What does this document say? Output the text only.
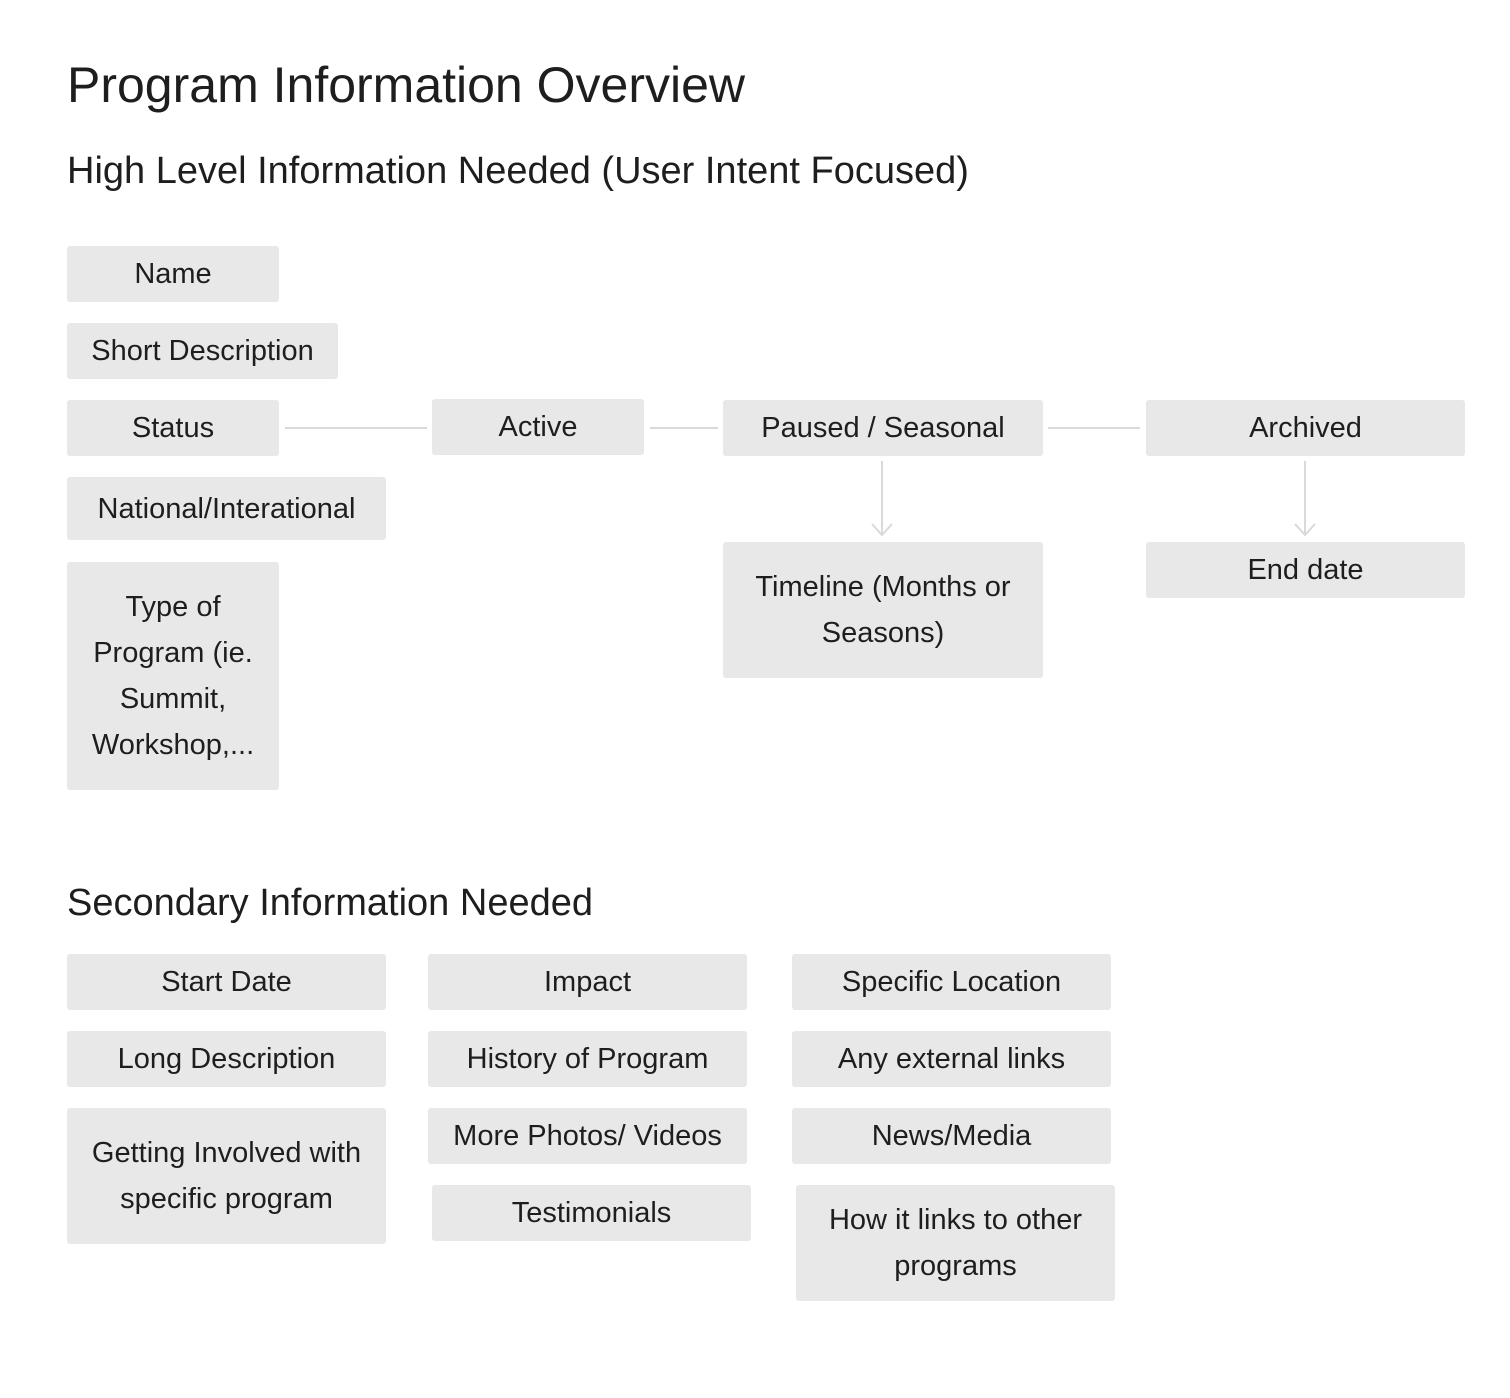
Program Information Overview
High Level Information Needed (User Intent Focused)
Name
Short Description
Status
National/Interational
Type of Program (ie. Summit, Workshop,...
Active	Paused / Seasonal	Archived
Timeline (Months or Seasons)
End date
Secondary Information Needed
Start Date
Long Description
Getting Involved with specific program
Impact
History of Program
More Photos/ Videos
Testimonials
Specific Location
Any external links
News/Media
How it links to other programs
